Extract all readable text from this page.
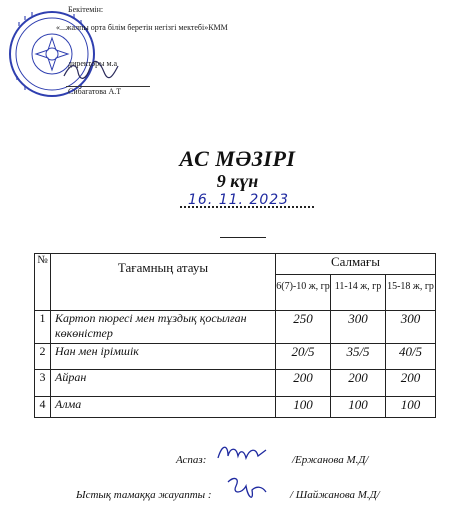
Бекітемін:
«...жалпы орта білім беретін негізгі мектебі»КММ
директоры м.а
Сибагатова А.Т
АС МӘЗІРІ
9 күн
16. 11. 2023
№	Тағамның атауы	Салмағы		

		6(7)-10 ж, гр	11-14 ж, гр	15-18 ж, гр

1	Картоп пюресі мен тұздық қосылған көкөністер	250	300	300
2	Нан мен ірімшік	20/5	35/5	40/5
3	Айран	200	200	200
4	Алма	100	100	100
Аспаз:	/Ержанова М.Д/
Ыстық тамаққа жауапты :	/ Шайжанова М.Д/
